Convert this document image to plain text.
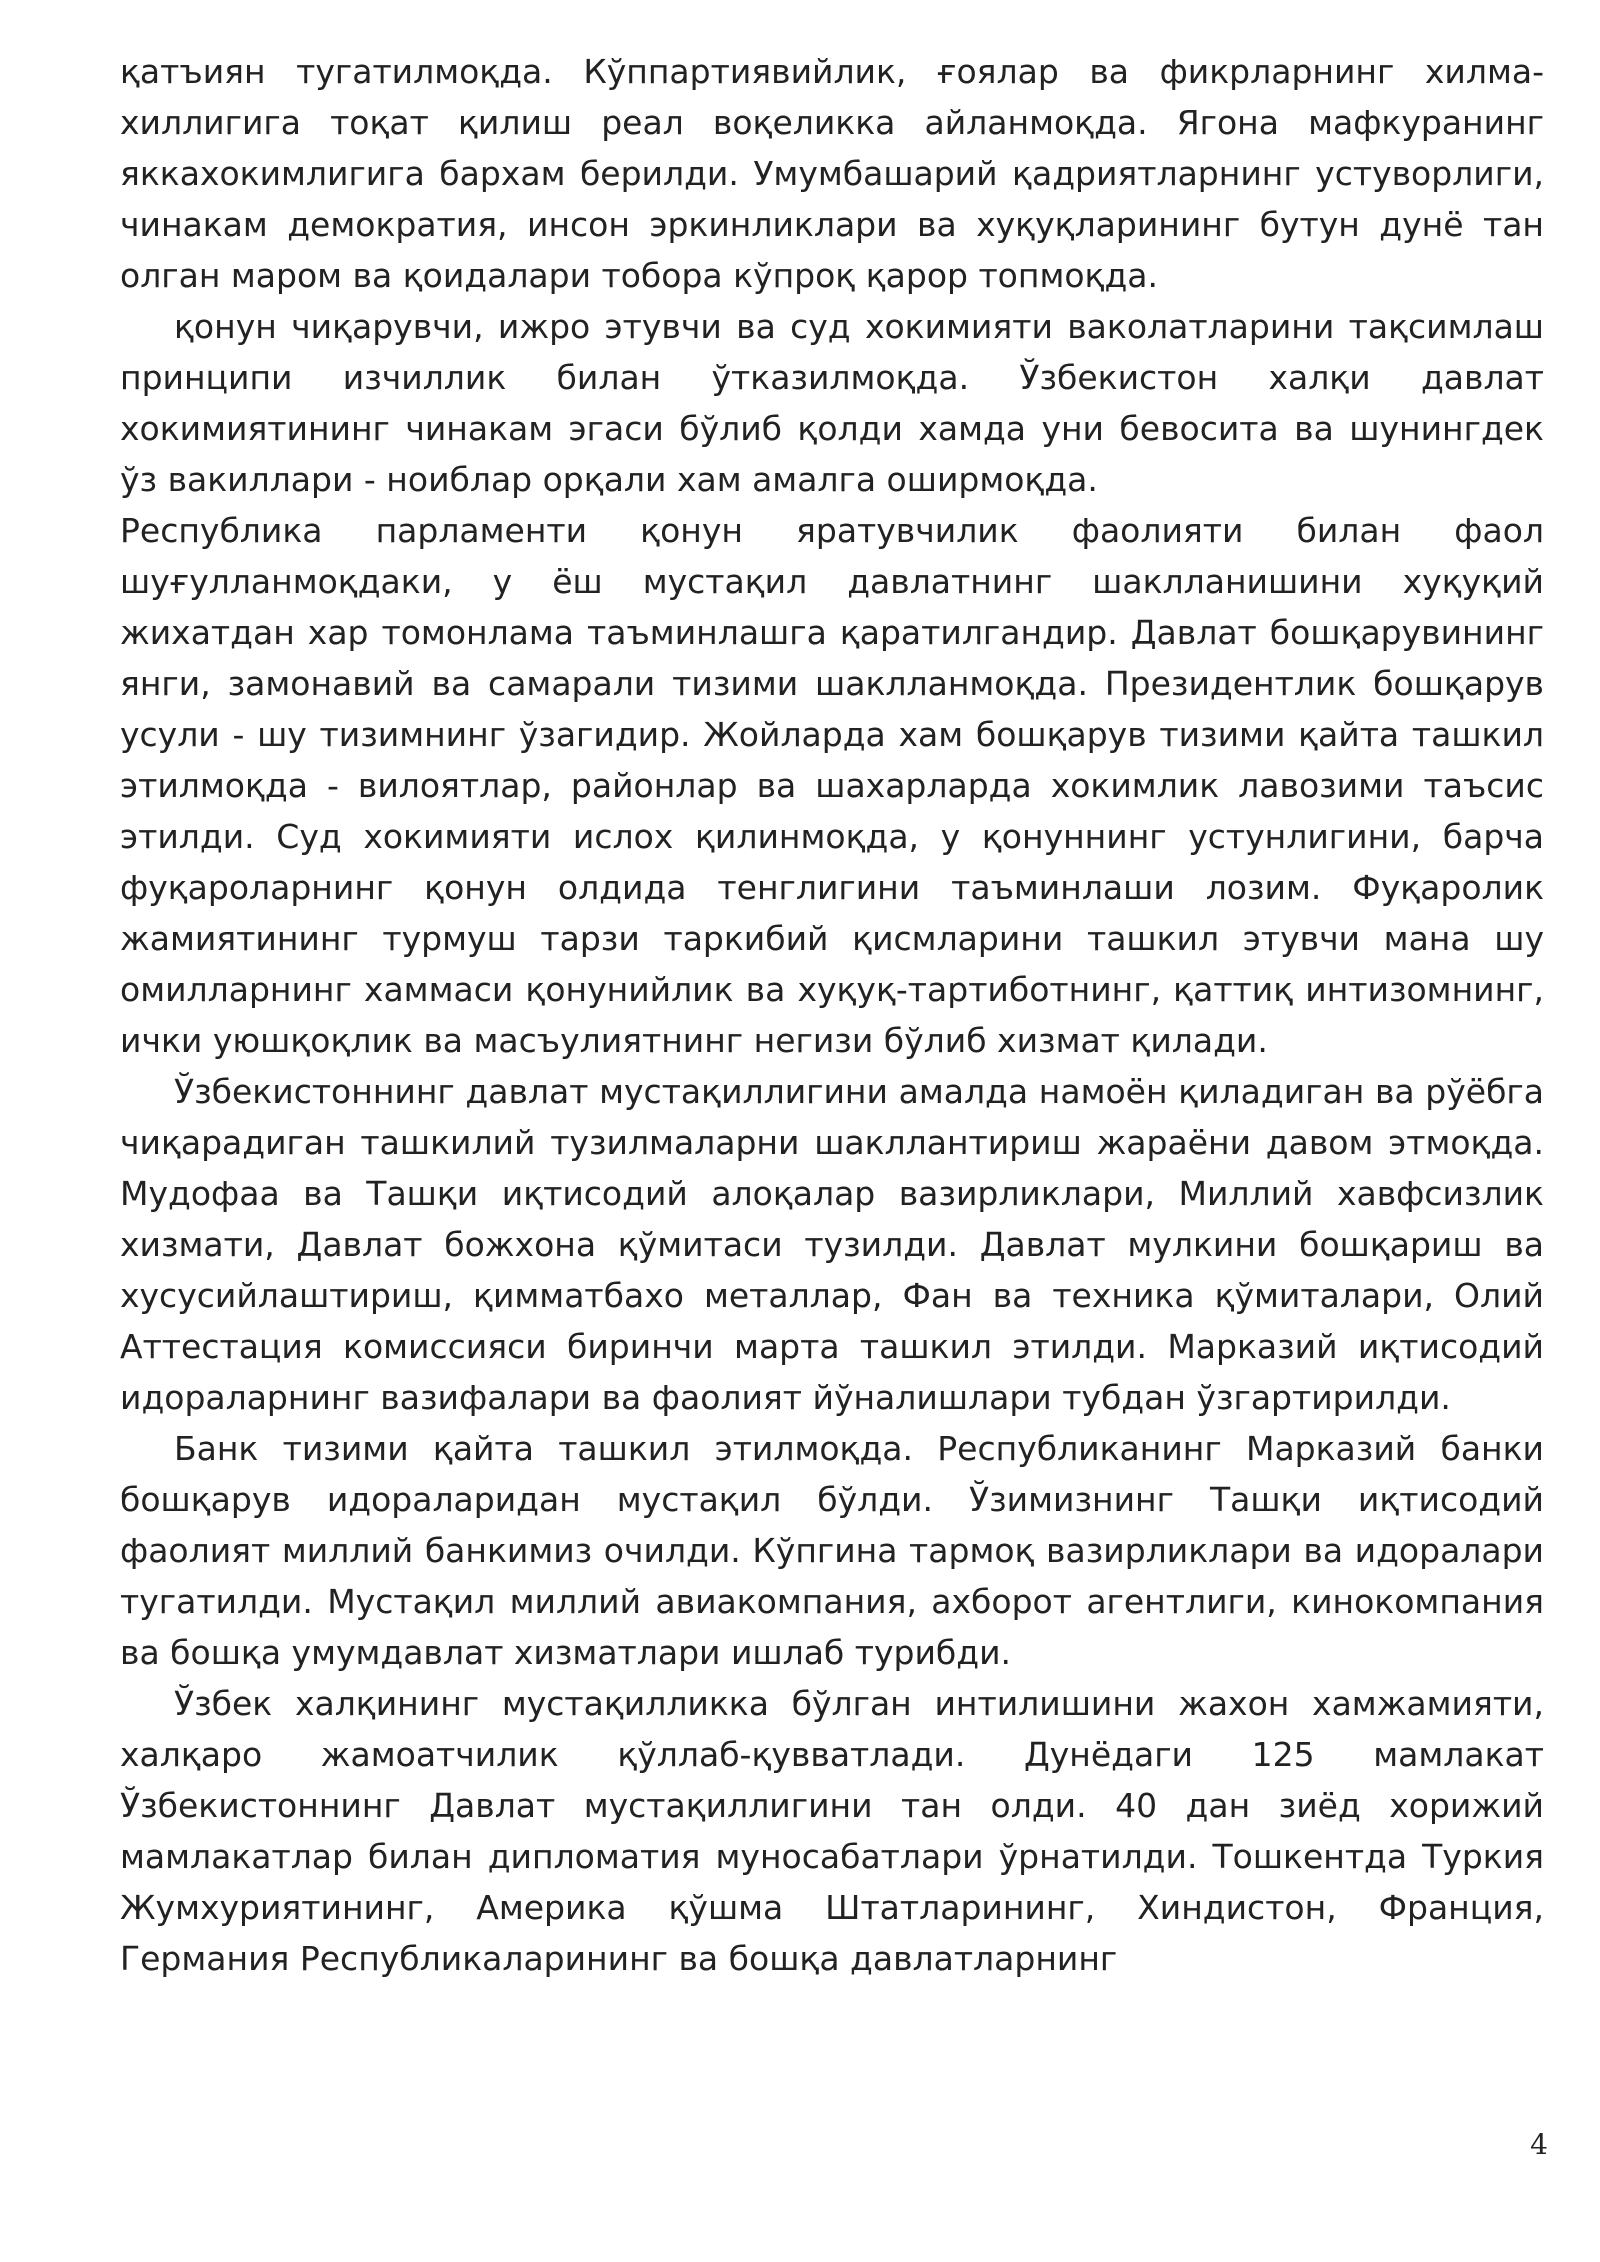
қатъиян тугатилмоқда. Кўппартиявийлик, ғоялар ва фикрларнинг хилма-хиллигига тоқат қилиш реал воқеликка айланмоқда. Ягона мафкуранинг яккахокимлигига бархам берилди. Умумбашарий қадриятларнинг устуворлиги, чинакам демократия, инсон эркинликлари ва хуқуқларининг бутун дунё тан олган маром ва қоидалари тобора кўпроқ қарор топмоқда.

қонун чиқарувчи, ижро этувчи ва суд хокимияти ваколатларини тақсимлаш принципи изчиллик билан ўтказилмоқда. Ўзбекистон халқи давлат хокимиятининг чинакам эгаси бўлиб қолди хамда уни бевосита ва шунингдек ўз вакиллари - ноиблар орқали хам амалга оширмоқда.

Республика парламенти қонун яратувчилик фаолияти билан фаол шуғулланмоқдаки, у ёш мустақил давлатнинг шаклланишини хуқуқий жихатдан хар томонлама таъминлашга қаратилгандир. Давлат бошқарувининг янги, замонавий ва самарали тизими шаклланмоқда. Президентлик бошқарув усули - шу тизимнинг ўзагидир. Жойларда хам бошқарув тизими қайта ташкил этилмоқда - вилоятлар, районлар ва шахарларда хокимлик лавозими таъсис этилди. Суд хокимияти ислох қилинмоқда, у қонуннинг устунлигини, барча фуқароларнинг қонун олдида тенглигини таъминлаши лозим. Фуқаролик жамиятининг турмуш тарзи таркибий қисмларини ташкил этувчи мана шу омилларнинг хаммаси қонунийлик ва хуқуқ-тартиботнинг, қаттиқ интизомнинг, ички уюшқоқлик ва масъулиятнинг негизи бўлиб хизмат қилади.

Ўзбекистоннинг давлат мустақиллигини амалда намоён қиладиган ва рўёбга чиқарадиган ташкилий тузилмаларни шакллантириш жараёни давом этмоқда. Мудофаа ва Ташқи иқтисодий алоқалар вазирликлари, Миллий хавфсизлик хизмати, Давлат божхона қўмитаси тузилди. Давлат мулкини бошқариш ва хусусийлаштириш, қимматбахо металлар, Фан ва техника қўмиталари, Олий Аттестация комиссияси биринчи марта ташкил этилди. Марказий иқтисодий идораларнинг вазифалари ва фаолият йўналишлари тубдан ўзгартирилди.

Банк тизими қайта ташкил этилмоқда. Республиканинг Марказий банки бошқарув идораларидан мустақил бўлди. Ўзимизнинг Ташқи иқтисодий фаолият миллий банкимиз очилди. Кўпгина тармоқ вазирликлари ва идоралари тугатилди. Мустақил миллий авиакомпания, ахборот агентлиги, кинокомпания ва бошқа умумдавлат хизматлари ишлаб турибди.

Ўзбек халқининг мустақилликка бўлган интилишини жахон хамжамияти, халқаро жамоатчилик қўллаб-қувватлади. Дунёдаги 125 мамлакат Ўзбекистоннинг Давлат мустақиллигини тан олди. 40 дан зиёд хорижий мамлакатлар билан дипломатия муносабатлари ўрнатилди. Тошкентда Туркия Жумхуриятининг, Америка қўшма Штатларининг, Хиндистон, Франция, Германия Республикаларининг ва бошқа давлатларнинг

4
